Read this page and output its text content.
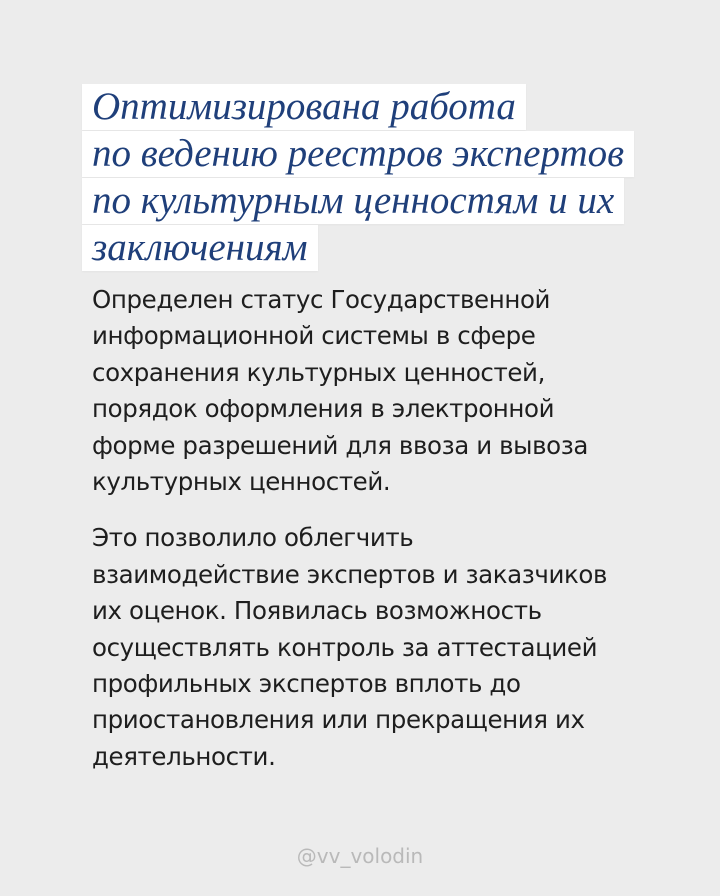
Оптимизирована работа
по ведению реестров экспертов
по культурным ценностям и их
заключениям

Определен статус Государственной
информационной системы в сфере
сохранения культурных ценностей,
порядок оформления в электронной
форме разрешений для ввоза и вывоза
культурных ценностей.

Это позволило облегчить
взаимодействие экспертов и заказчиков
их оценок. Появилась возможность
осуществлять контроль за аттестацией
профильных экспертов вплоть до
приостановления или прекращения их
деятельности.

@vv_volodin
